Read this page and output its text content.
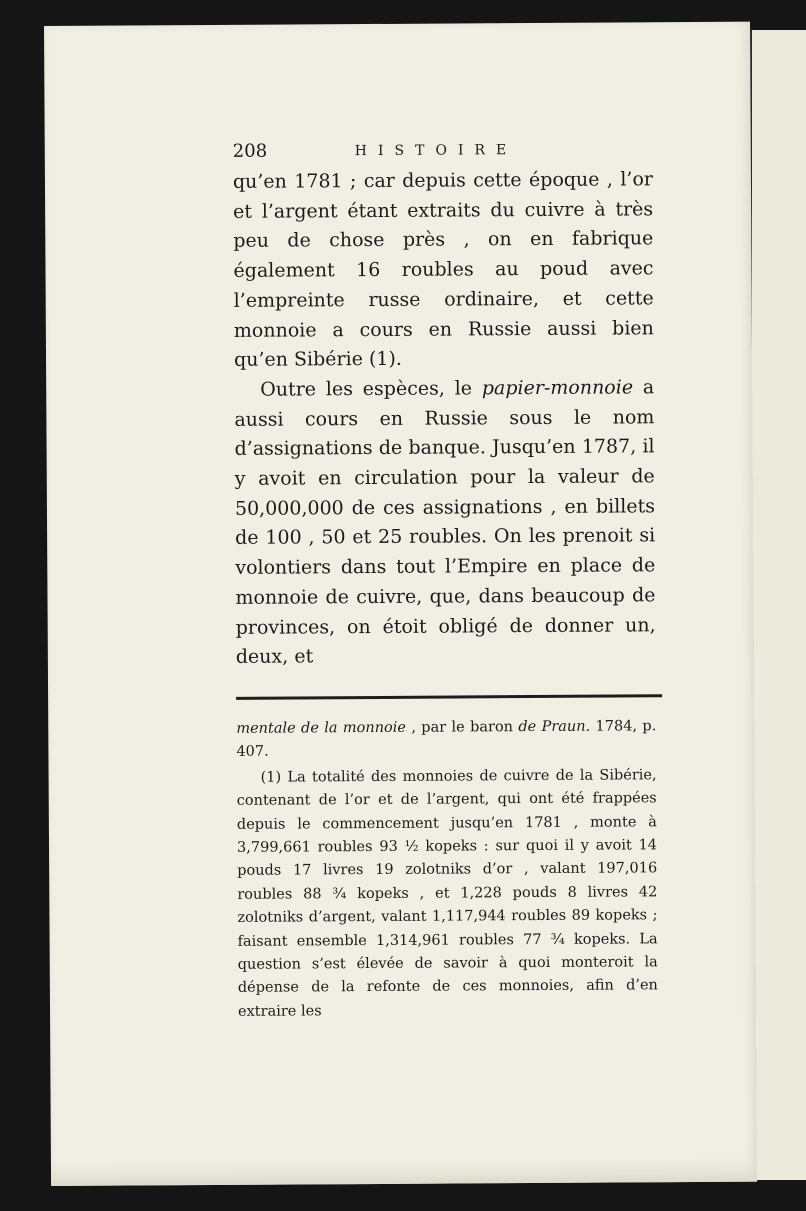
208	HISTOIRE

qu’en 1781 ; car depuis cette époque , l’or et l’argent étant extraits du cuivre à très peu de chose près , on en fabrique également 16 roubles au poud avec l’empreinte russe ordinaire, et cette monnoie a cours en Russie aussi bien qu’en Sibérie (1).

Outre les espèces, le papier-monnoie a aussi cours en Russie sous le nom d’assignations de banque. Jusqu’en 1787, il y avoit en circulation pour la valeur de 50,000,000 de ces assignations , en billets de 100 , 50 et 25 roubles. On les prenoit si volontiers dans tout l’Empire en place de monnoie de cuivre, que, dans beaucoup de provinces, on étoit obligé de donner un, deux, et

mentale de la monnoie , par le baron de Praun. 1784, p. 407.

(1) La totalité des monnoies de cuivre de la Sibérie, contenant de l’or et de l’argent, qui ont été frappées depuis le commencement jusqu’en 1781 , monte à 3,799,661 roubles 93 ½ kopeks : sur quoi il y avoit 14 pouds 17 livres 19 zolotniks d’or , valant 197,016 roubles 88 ¾ kopeks , et 1,228 pouds 8 livres 42 zolotniks d’argent, valant 1,117,944 roubles 89 kopeks ; faisant ensemble 1,314,961 roubles 77 ¾ kopeks. La question s’est élevée de savoir à quoi monteroit la dépense de la refonte de ces monnoies, afin d’en extraire les
